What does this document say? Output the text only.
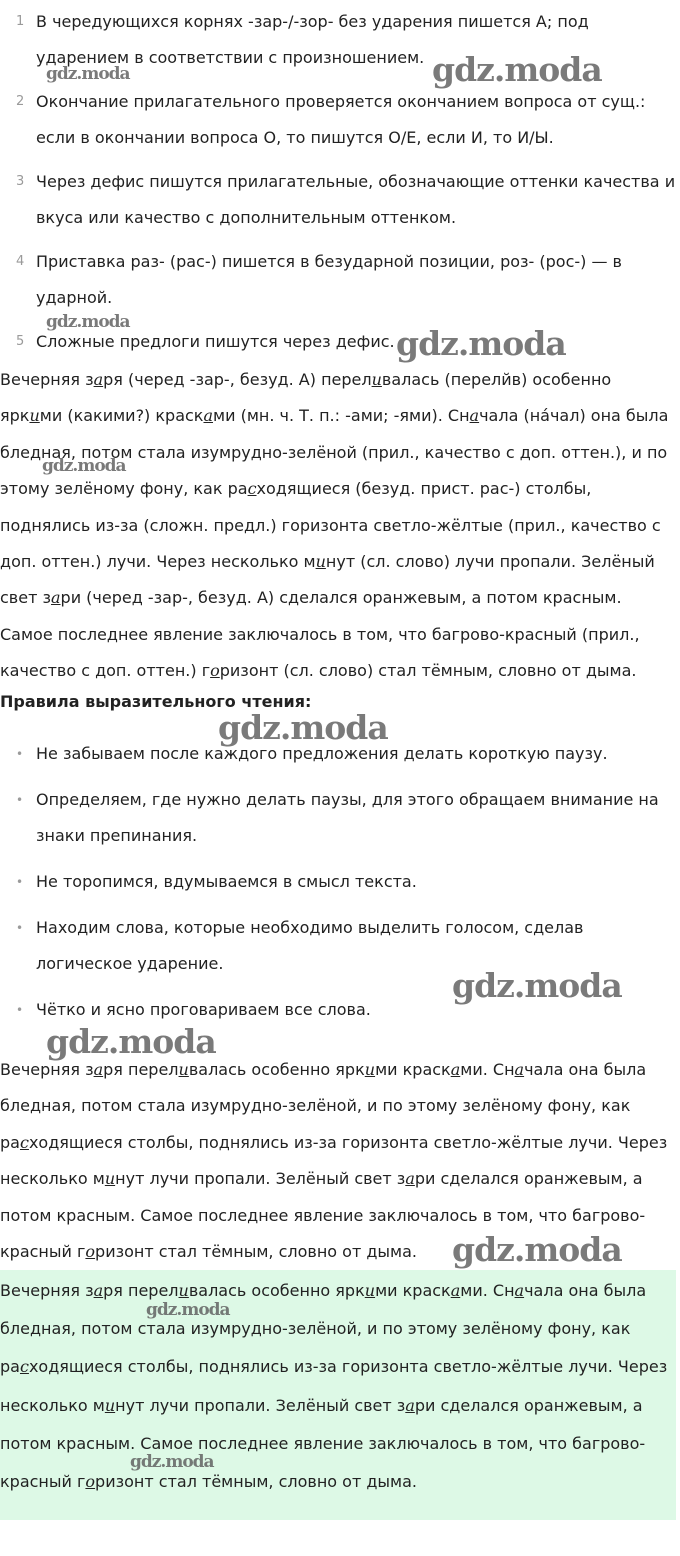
1 В чередующихся корнях -зар-/-зор- без ударения пишется А; под ударением в соответствии с произношением.
2 Окончание прилагательного проверяется окончанием вопроса от сущ.: если в окончании вопроса О, то пишутся О/Е, если И, то И/Ы.
3 Через дефис пишутся прилагательные, обозначающие оттенки качества и вкуса или качество с дополнительным оттенком.
4 Приставка раз- (рас-) пишется в безударной позиции, роз- (рос-) — в ударной.
5 Сложные предлоги пишутся через дефис.

Вечерняя заря (черед -зар-, безуд. А) переливалась (перелйв) особенно яркими (какими?) красками (мн. ч. Т. п.: -ами; -ями). Сначала (на́чал) она была бледная, потом стала изумрудно-зелёной (прил., качество с доп. оттен.), и по этому зелёному фону, как расходящиеся (безуд. прист. рас-) столбы, поднялись из-за (сложн. предл.) горизонта светло-жёлтые (прил., качество с доп. оттен.) лучи. Через несколько минут (сл. слово) лучи пропали. Зелёный свет зари (черед -зар-, безуд. А) сделался оранжевым, а потом красным. Самое последнее явление заключалось в том, что багрово-красный (прил., качество с доп. оттен.) горизонт (сл. слово) стал тёмным, словно от дыма.

Правила выразительного чтения:

• Не забываем после каждого предложения делать короткую паузу.
• Определяем, где нужно делать паузы, для этого обращаем внимание на знаки препинания.
• Не торопимся, вдумываемся в смысл текста.
• Находим слова, которые необходимо выделить голосом, сделав логическое ударение.
• Чётко и ясно проговариваем все слова.

Вечерняя заря переливалась особенно яркими красками. Сначала она была бледная, потом стала изумрудно-зелёной, и по этому зелёному фону, как расходящиеся столбы, поднялись из-за горизонта светло-жёлтые лучи. Через несколько минут лучи пропали. Зелёный свет зари сделался оранжевым, а потом красным. Самое последнее явление заключалось в том, что багрово-красный горизонт стал тёмным, словно от дыма.

Вечерняя заря переливалась особенно яркими красками. Сначала она была бледная, потом стала изумрудно-зелёной, и по этому зелёному фону, как расходящиеся столбы, поднялись из-за горизонта светло-жёлтые лучи. Через несколько минут лучи пропали. Зелёный свет зари сделался оранжевым, а потом красным. Самое последнее явление заключалось в том, что багрово-красный горизонт стал тёмным, словно от дыма.

gdz.moda	gdz.moda
gdz.moda
gdz.moda
gdz.moda
gdz.moda
gdz.moda
gdz.moda
gdz.moda
gdz.moda
gdz.moda
